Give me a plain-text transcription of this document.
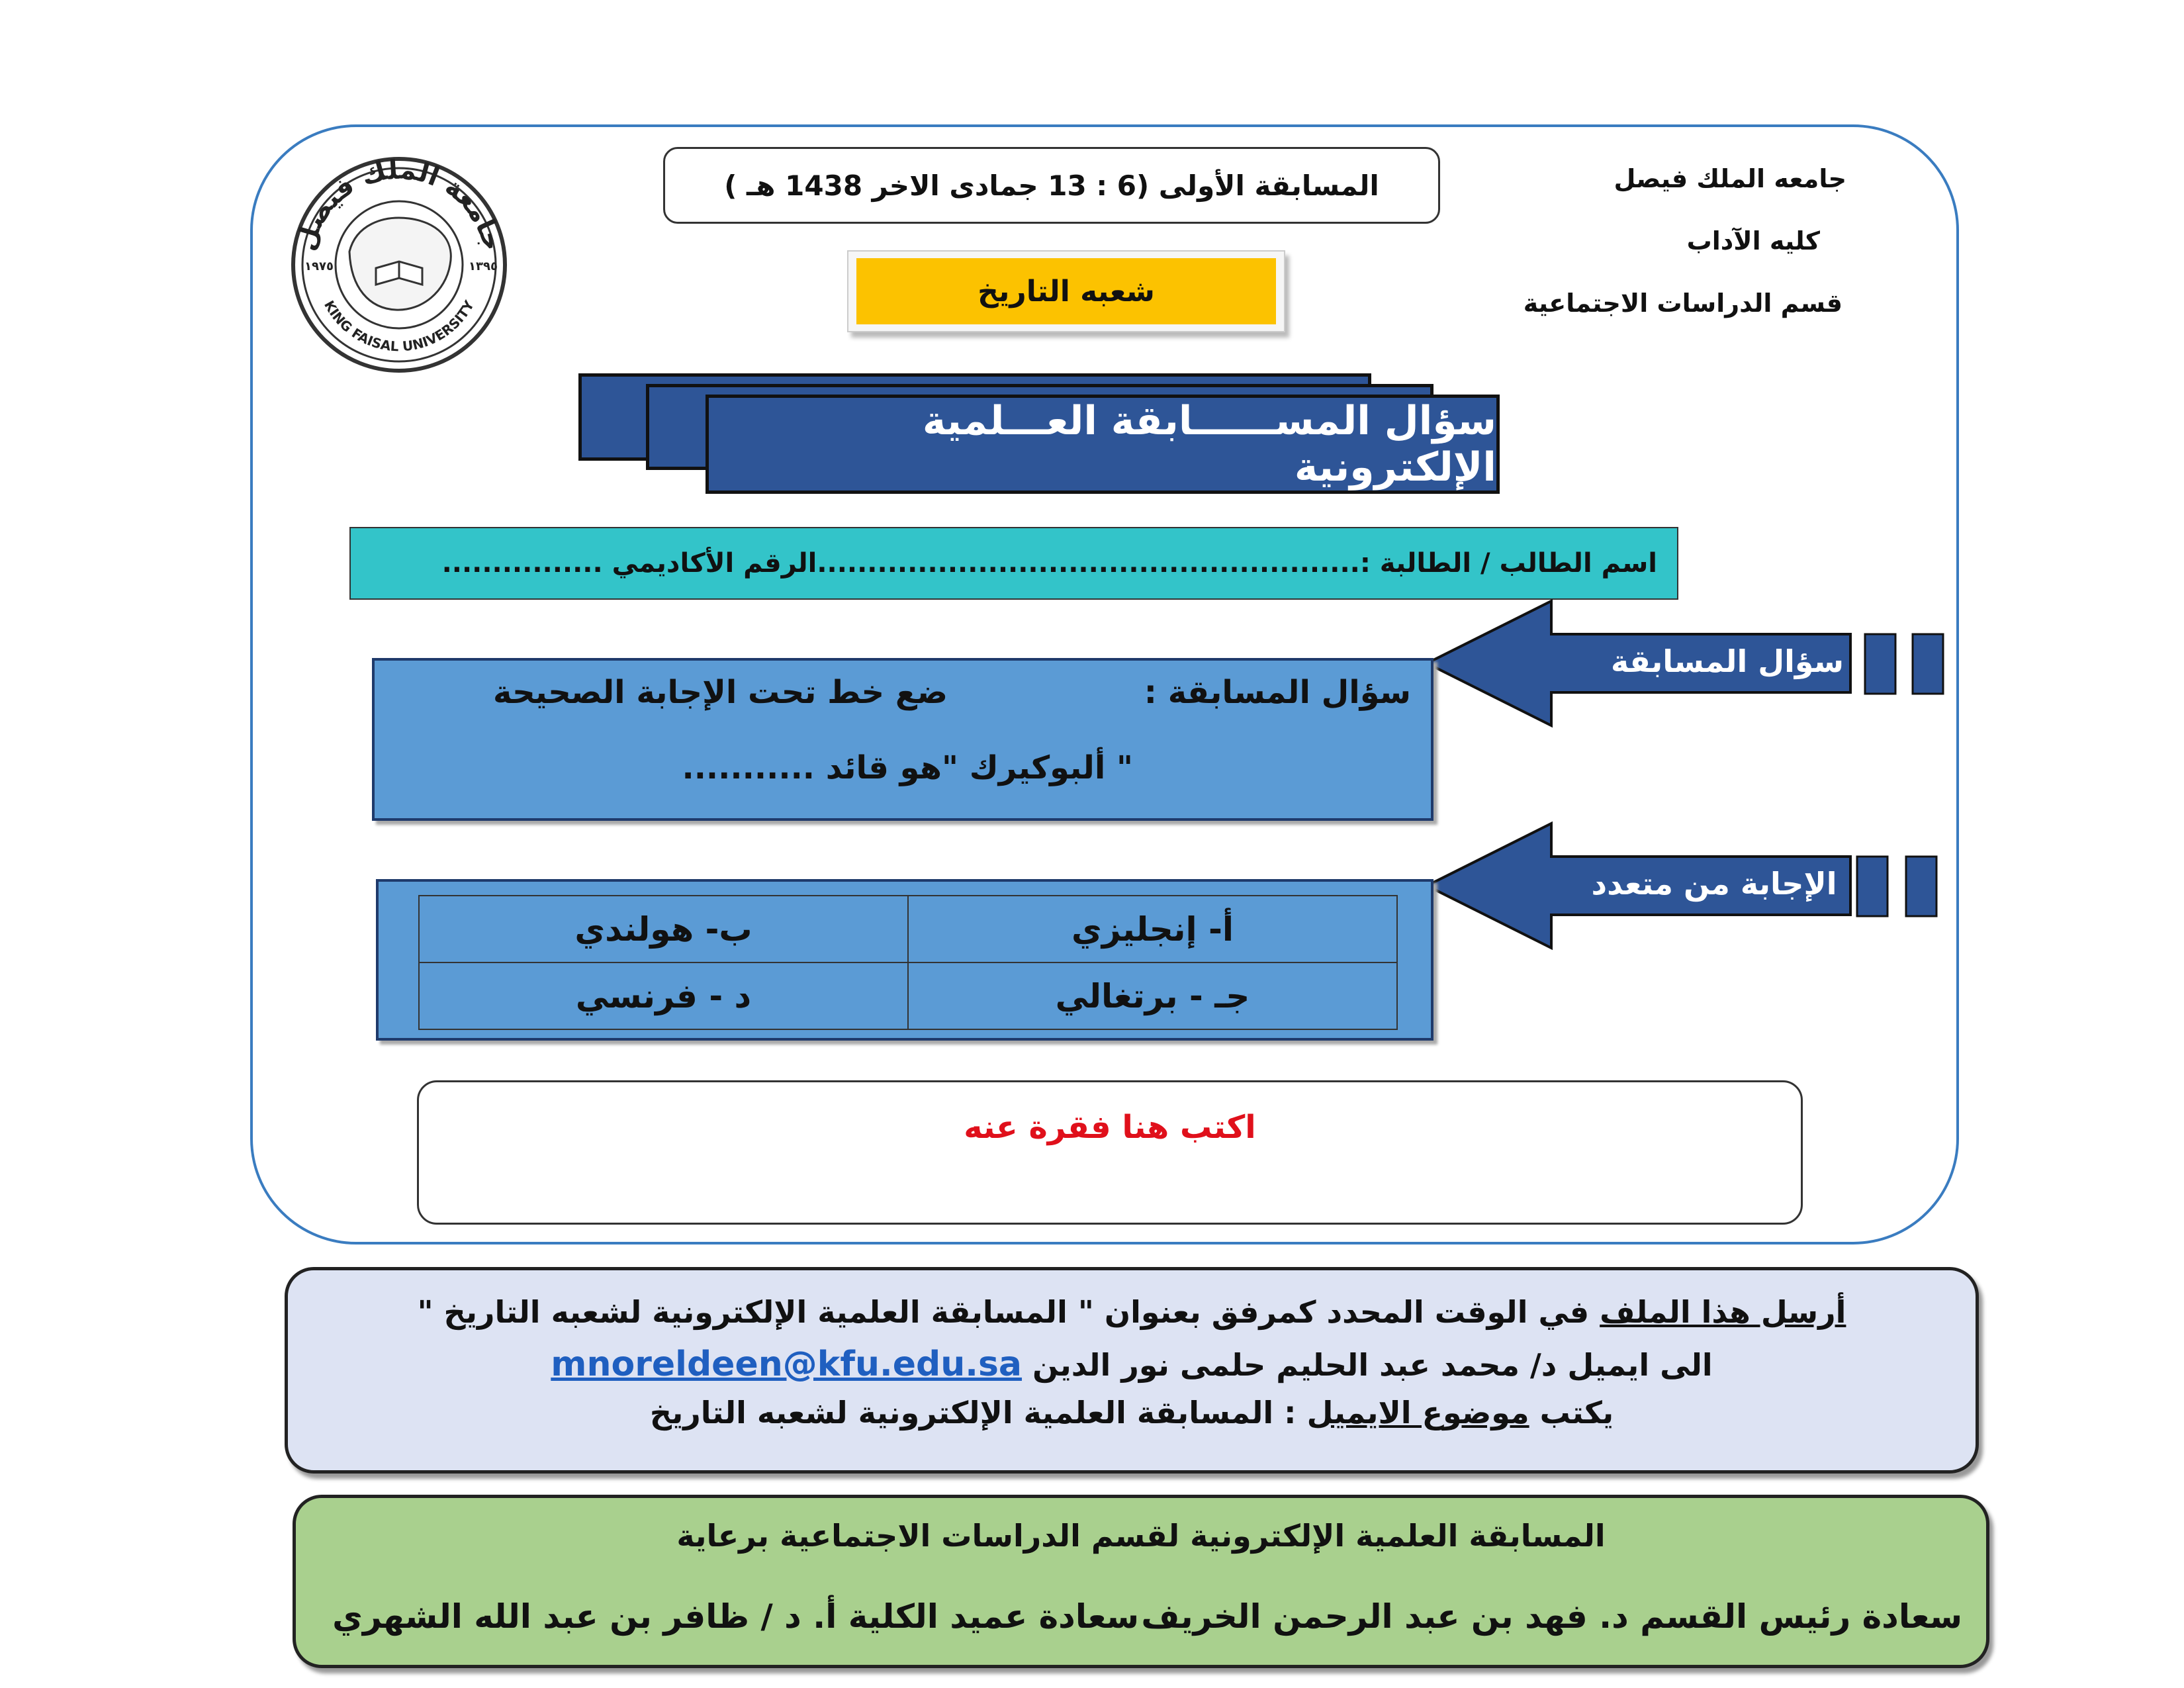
جامعه الملك فيصل
كليه الآداب
قسم الدراسات الاجتماعية
المسابقة الأولى (6 : 13 جمادى الاخر 1438 هـ )
شعبه التاريخ
جامعة الملك فيصل
KING FAISAL UNIVERSITY
١٩٧٥	١٣٩٥
سؤال المســــــابقة العـــلمية الإلكترونية
اسم الطالب / الطالبة :......................................................الرقم الأكاديمي ................
سؤال المسابقة
سؤال المسابقة :
ضع خط تحت الإجابة الصحيحة
" ألبوكيرك "هو قائد ...........
الإجابة من متعدد
ب- هولندي	أ- إنجليزي
د - فرنسي	جـ - برتغالي
اكتب هنا فقرة عنه
أرسل هذا الملف في الوقت المحدد كمرفق بعنوان " المسابقة العلمية الإلكترونية لشعبه التاريخ "
الى ايميل د/ محمد عبد الحليم حلمى نور الدين mnoreldeen@kfu.edu.sa
يكتب موضوع الايميل : المسابقة العلمية الإلكترونية لشعبه التاريخ
المسابقة العلمية الإلكترونية لقسم الدراسات الاجتماعية برعاية
سعادة رئيس القسم د. فهد بن عبد الرحمن الخريف
سعادة عميد الكلية أ. د / ظافر بن عبد الله الشهري
